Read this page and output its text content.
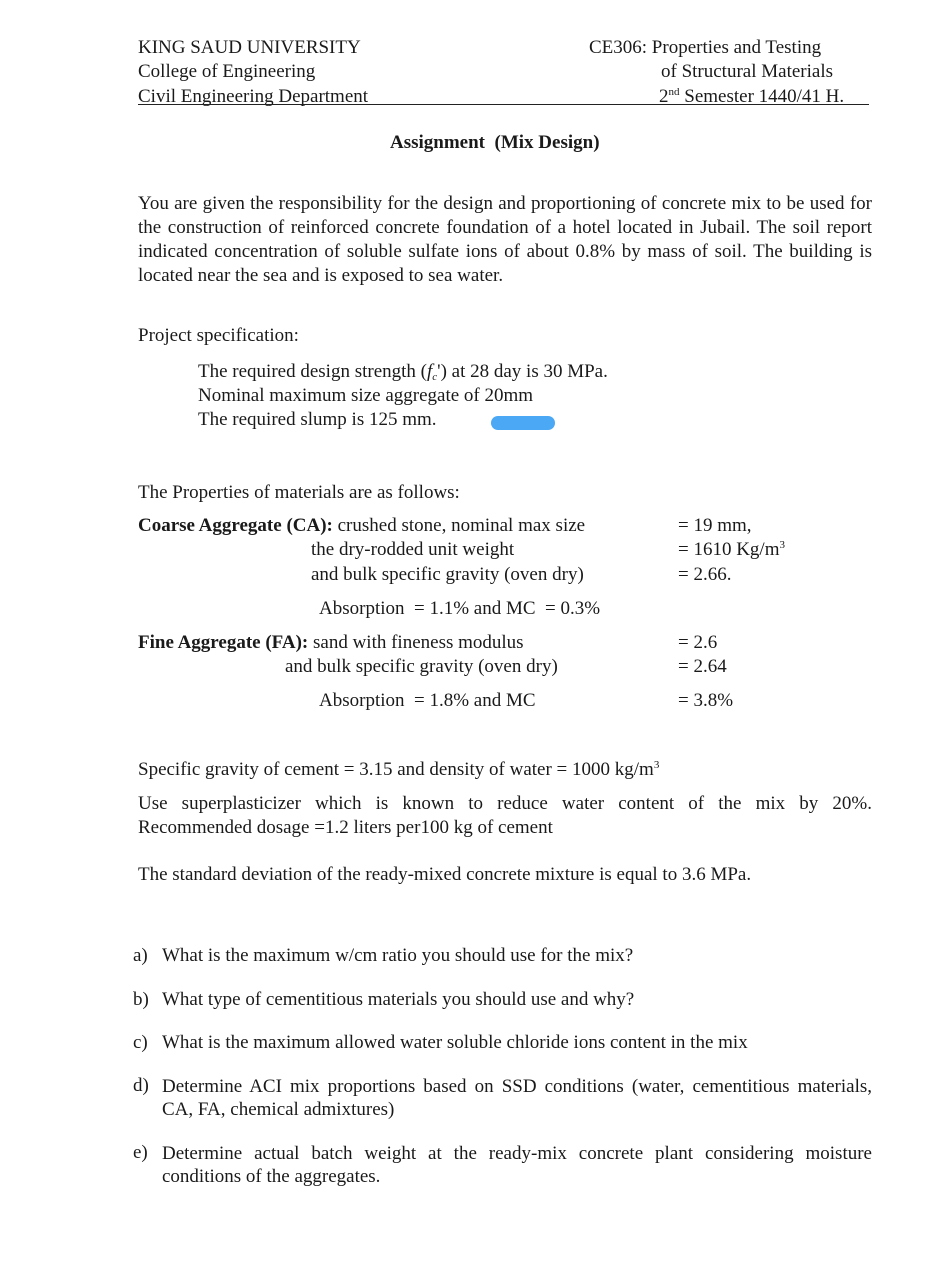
KING SAUD UNIVERSITY
College of Engineering
Civil Engineering Department
CE306: Properties and Testing
of Structural Materials
2nd Semester 1440/41 H.
Assignment  (Mix Design)
You are given the responsibility for the design and proportioning of concrete mix to be used for the construction of reinforced concrete foundation of a hotel located in Jubail. The soil report indicated concentration of soluble sulfate ions of about 0.8% by mass of soil. The building is located near the sea and is exposed to sea water.
Project specification:
The required design strength $(f_c')$ at 28 day is 30 MPa.
Nominal maximum size aggregate of 20mm
The required slump is 125 mm.
The Properties of materials are as follows:
Coarse Aggregate (CA): crushed stone, nominal max size	= 19 mm,
the dry-rodded unit weight	= 1610 $Kg/m^3$
and bulk specific gravity (oven dry)	= 2.66.
Absorption  = 1.1% and MC  = 0.3%
Fine Aggregate (FA): sand with fineness modulus	= 2.6
and bulk specific gravity (oven dry)	= 2.64
Absorption  = 1.8% and MC	= 3.8%
Specific gravity of cement = 3.15 and density of water = 1000 $kg/m^3$
Use superplasticizer which is known to reduce water content of the mix by 20%.
Recommended dosage =1.2 liters per100 kg of cement
The standard deviation of the ready-mixed concrete mixture is equal to 3.6 MPa.
a) What is the maximum w/cm ratio you should use for the mix?
b) What type of cementitious materials you should use and why?
c) What is the maximum allowed water soluble chloride ions content in the mix
d) Determine ACI mix proportions based on SSD conditions (water, cementitious materials, CA, FA, chemical admixtures)
e) Determine actual batch weight at the ready-mix concrete plant considering moisture conditions of the aggregates.
